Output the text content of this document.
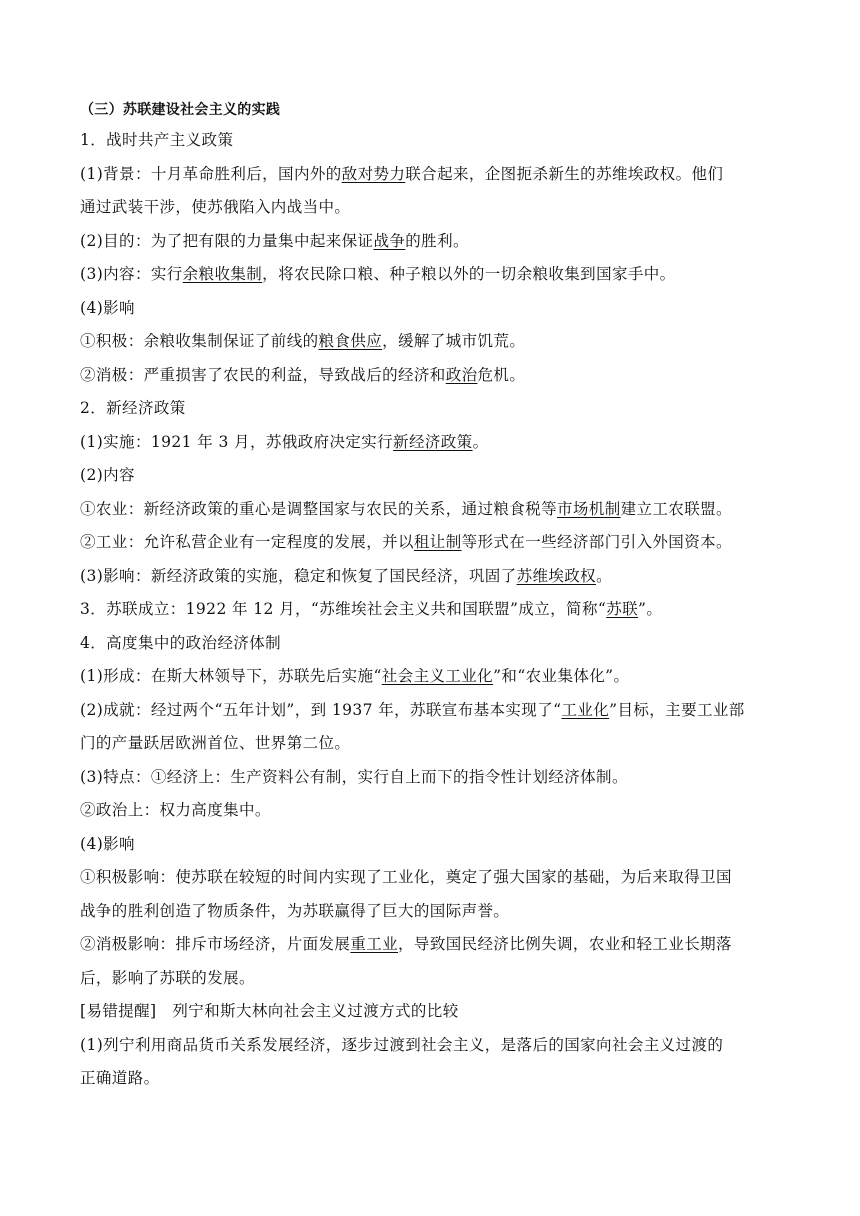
（三）苏联建设社会主义的实践
1．战时共产主义政策
(1)背景：十月革命胜利后，国内外的敌对势力联合起来，企图扼杀新生的苏维埃政权。他们
通过武装干涉，使苏俄陷入内战当中。
(2)目的：为了把有限的力量集中起来保证战争的胜利。
(3)内容：实行余粮收集制，将农民除口粮、种子粮以外的一切余粮收集到国家手中。
(4)影响
①积极：余粮收集制保证了前线的粮食供应，缓解了城市饥荒。
②消极：严重损害了农民的利益，导致战后的经济和政治危机。
2．新经济政策
(1)实施：1921 年 3 月，苏俄政府决定实行新经济政策。
(2)内容
①农业：新经济政策的重心是调整国家与农民的关系，通过粮食税等市场机制建立工农联盟。
②工业：允许私营企业有一定程度的发展，并以租让制等形式在一些经济部门引入外国资本。
(3)影响：新经济政策的实施，稳定和恢复了国民经济，巩固了苏维埃政权。
3．苏联成立：1922 年 12 月，“苏维埃社会主义共和国联盟”成立，简称“苏联”。
4．高度集中的政治经济体制
(1)形成：在斯大林领导下，苏联先后实施“社会主义工业化”和“农业集体化”。
(2)成就：经过两个“五年计划”，到 1937 年，苏联宣布基本实现了“工业化”目标，主要工业部
门的产量跃居欧洲首位、世界第二位。
(3)特点：①经济上：生产资料公有制，实行自上而下的指令性计划经济体制。
②政治上：权力高度集中。
(4)影响
①积极影响：使苏联在较短的时间内实现了工业化，奠定了强大国家的基础，为后来取得卫国
战争的胜利创造了物质条件，为苏联赢得了巨大的国际声誉。
②消极影响：排斥市场经济，片面发展重工业，导致国民经济比例失调，农业和轻工业长期落
后，影响了苏联的发展。
[易错提醒]　列宁和斯大林向社会主义过渡方式的比较
(1)列宁利用商品货币关系发展经济，逐步过渡到社会主义，是落后的国家向社会主义过渡的
正确道路。
